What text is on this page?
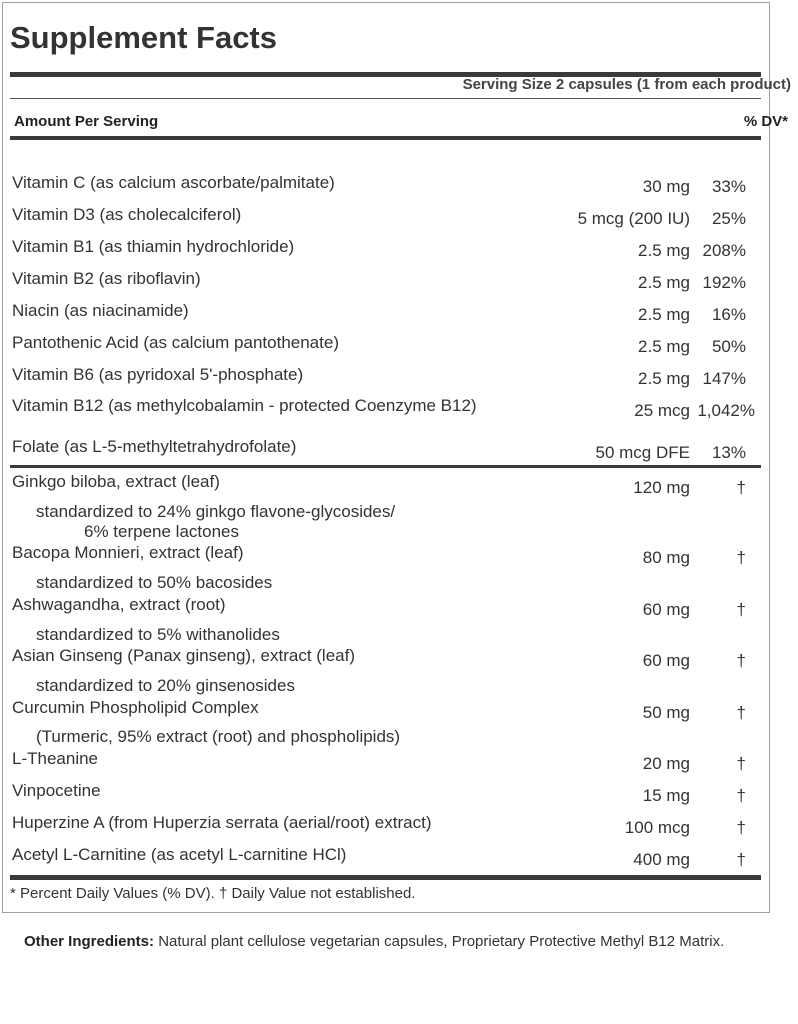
Supplement Facts
Serving Size 2 capsules (1 from each product)
Amount Per Serving	% DV*
Vitamin C (as calcium ascorbate/palmitate)	30 mg 33%
Vitamin D3 (as cholecalciferol)	5 mcg (200 IU) 25%
Vitamin B1 (as thiamin hydrochloride)	2.5 mg 208%
Vitamin B2 (as riboflavin)	2.5 mg 192%
Niacin (as niacinamide)	2.5 mg 16%
Pantothenic Acid (as calcium pantothenate)	2.5 mg 50%
Vitamin B6 (as pyridoxal 5'-phosphate)	2.5 mg 147%
Vitamin B12 (as methylcobalamin - protected Coenzyme B12)	25 mcg 1,042%
Folate (as L-5-methyltetrahydrofolate)	50 mcg DFE 13%
Ginkgo biloba, extract (leaf)	120 mg	†
standardized to 24% ginkgo flavone-glycosides/
6% terpene lactones
Bacopa Monnieri, extract (leaf)	80 mg	†
standardized to 50% bacosides
Ashwagandha, extract (root)	60 mg	†
standardized to 5% withanolides
Asian Ginseng (Panax ginseng), extract (leaf)	60 mg	†
standardized to 20% ginsenosides
Curcumin Phospholipid Complex	50 mg	†
(Turmeric, 95% extract (root) and phospholipids)
L-Theanine	20 mg	†
Vinpocetine	15 mg	†
Huperzine A (from Huperzia serrata (aerial/root) extract)	100 mcg	†
Acetyl L-Carnitine (as acetyl L-carnitine HCl)	400 mg	†
* Percent Daily Values (% DV). † Daily Value not established.
Other Ingredients: Natural plant cellulose vegetarian capsules, Proprietary Protective Methyl B12 Matrix.
